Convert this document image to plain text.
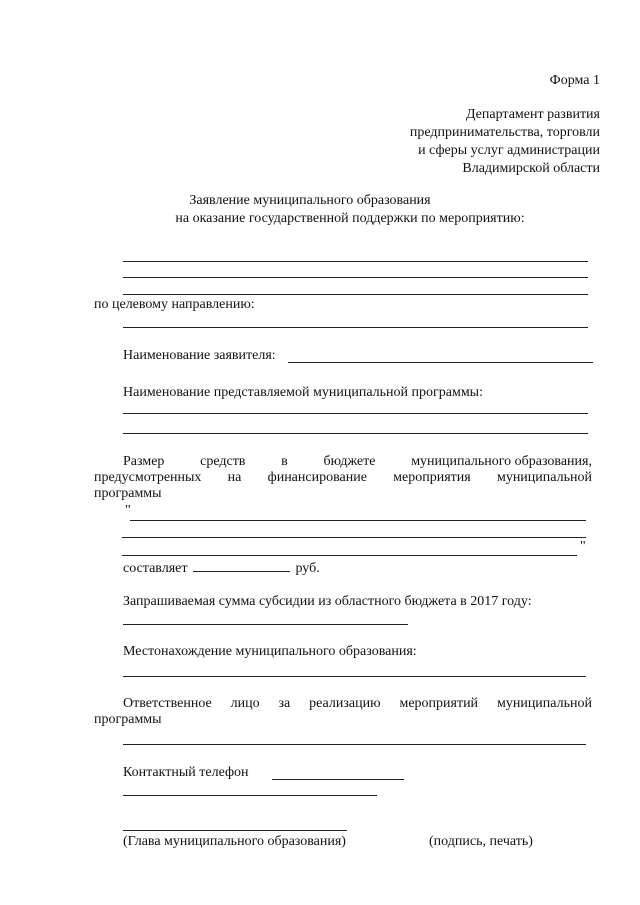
Форма 1
Департамент развития
предпринимательства, торговли
и сферы услуг администрации
Владимирской области
Заявление муниципального образования
на оказание государственной поддержки по мероприятию:
по целевому направлению:
Наименование заявителя:
Наименование представляемой муниципальной программы:
Размер	средств	в	бюджете	муниципального образования,
предусмотренных на финансирование мероприятия муниципальной
программы
"
"
составляет	руб.
Запрашиваемая сумма субсидии из областного бюджета в 2017 году:
Местонахождение муниципального образования:
Ответственное лицо за реализацию мероприятий муниципальной
программы
Контактный телефон
(Глава муниципального образования)	(подпись, печать)
